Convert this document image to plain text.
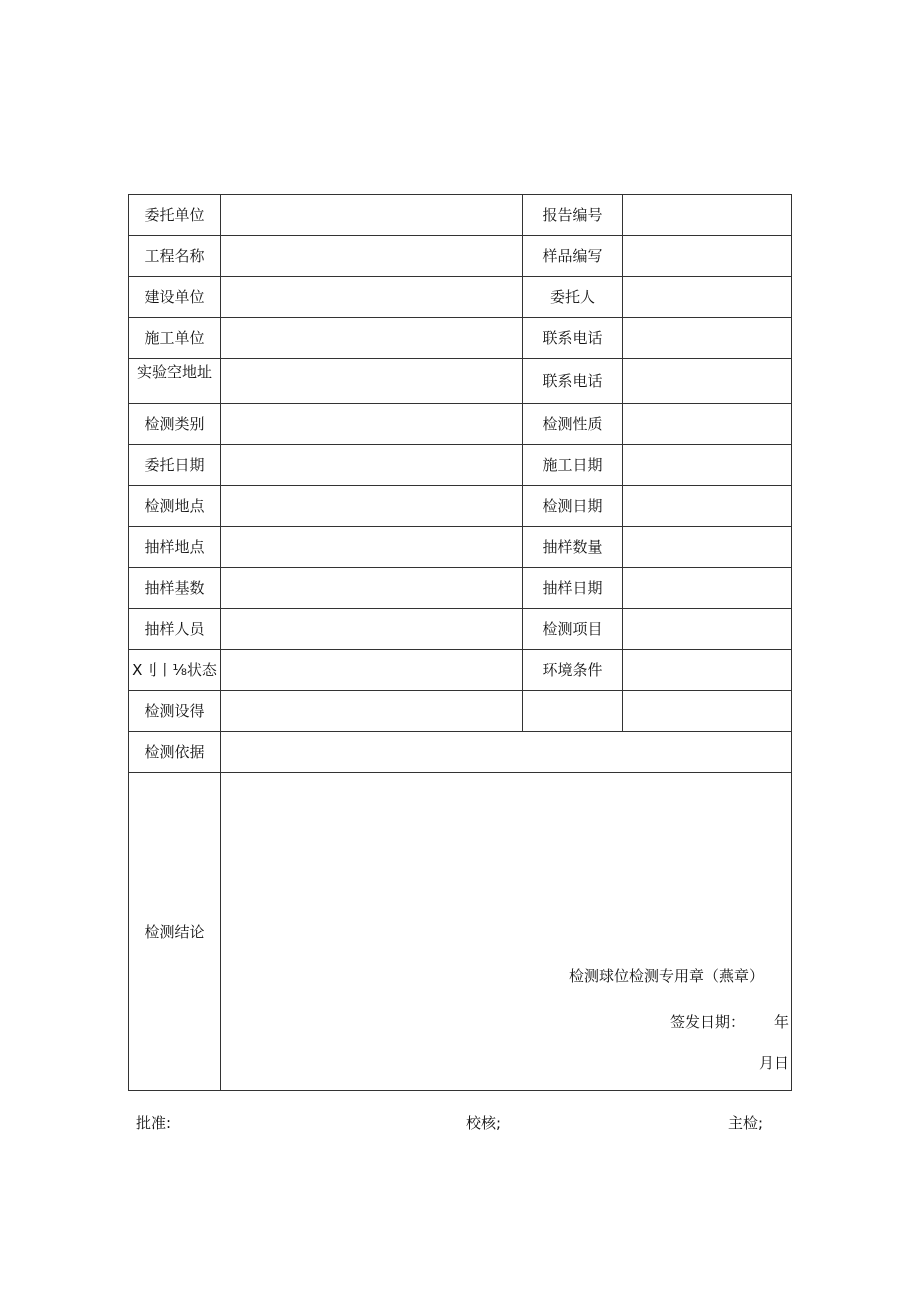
委托单位		报告编号	
工程名称		样品编写	
建设单位		委托人	
施工单位		联系电话	
实验空地址		联系电话	
检测类别		检测性质	
委托日期		施工日期	
检测地点		检测日期	
抽样地点		抽样数量	
抽样基数		抽样日期	
抽样人员		检测项目	
X刂丨⅛状态		环境条件	
检测设得			
检测依据			
检测结论	检测球位检测专用章（燕章）
签发日期： 年
月日		
批准:	校核;	主检;
